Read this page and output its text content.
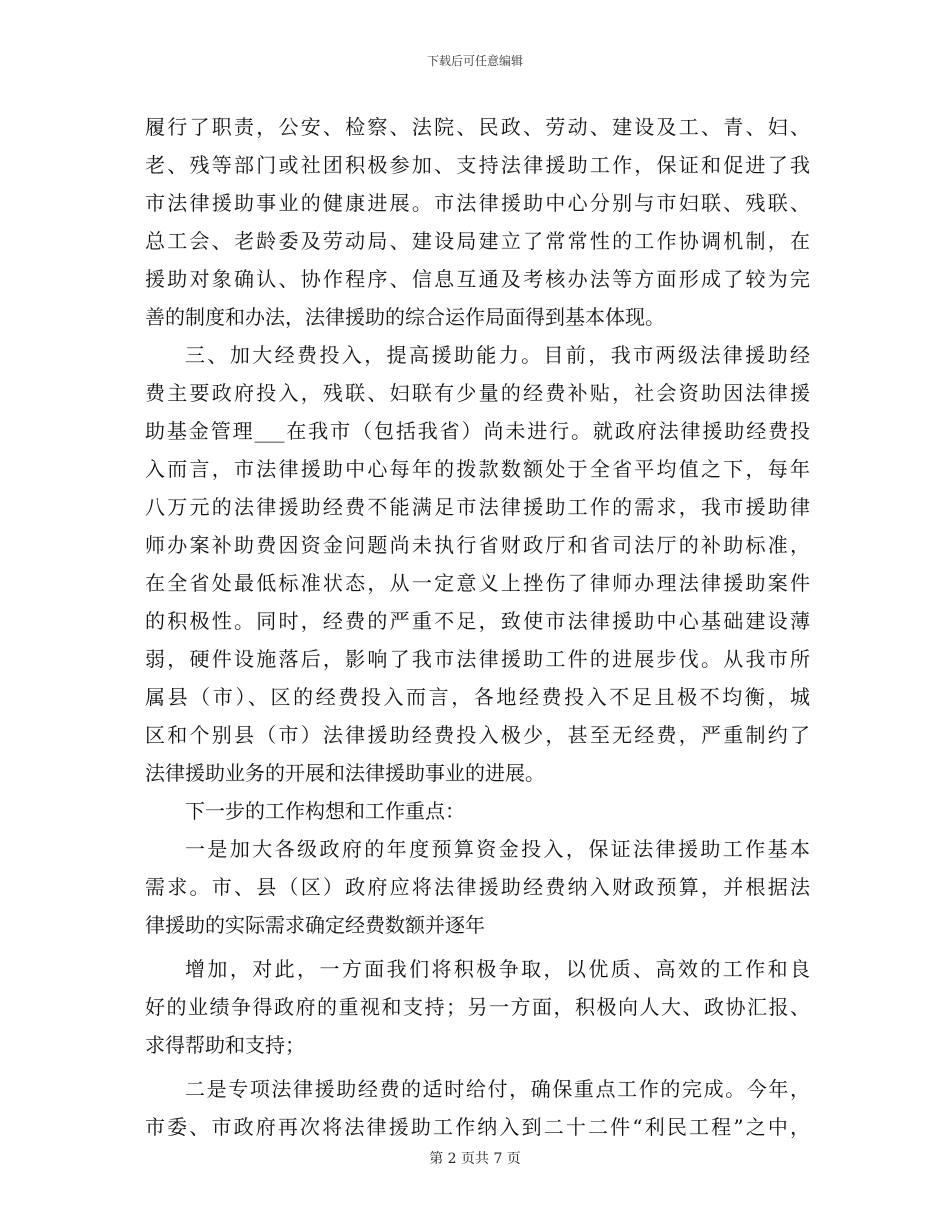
下载后可任意编辑
履行了职责，公安、检察、法院、民政、劳动、建设及工、青、妇、
老、残等部门或社团积极参加、支持法律援助工作，保证和促进了我
市法律援助事业的健康进展。市法律援助中心分别与市妇联、残联、
总工会、老龄委及劳动局、建设局建立了常常性的工作协调机制，在
援助对象确认、协作程序、信息互通及考核办法等方面形成了较为完
善的制度和办法，法律援助的综合运作局面得到基本体现。
三、加大经费投入，提高援助能力。目前，我市两级法律援助经
费主要政府投入，残联、妇联有少量的经费补贴，社会资助因法律援
助基金管理___在我市（包括我省）尚未进行。就政府法律援助经费投
入而言，市法律援助中心每年的拨款数额处于全省平均值之下，每年
八万元的法律援助经费不能满足市法律援助工作的需求，我市援助律
师办案补助费因资金问题尚未执行省财政厅和省司法厅的补助标准，
在全省处最低标准状态，从一定意义上挫伤了律师办理法律援助案件
的积极性。同时，经费的严重不足，致使市法律援助中心基础建设薄
弱，硬件设施落后，影响了我市法律援助工件的进展步伐。从我市所
属县（市）、区的经费投入而言，各地经费投入不足且极不均衡，城
区和个别县（市）法律援助经费投入极少，甚至无经费，严重制约了
法律援助业务的开展和法律援助事业的进展。
下一步的工作构想和工作重点：
一是加大各级政府的年度预算资金投入，保证法律援助工作基本
需求。市、县（区）政府应将法律援助经费纳入财政预算，并根据法
律援助的实际需求确定经费数额并逐年
增加，对此，一方面我们将积极争取，以优质、高效的工作和良
好的业绩争得政府的重视和支持；另一方面，积极向人大、政协汇报、
求得帮助和支持；
二是专项法律援助经费的适时给付，确保重点工作的完成。今年，
市委、市政府再次将法律援助工作纳入到二十二件“利民工程”之中，
第 2 页共 7 页
